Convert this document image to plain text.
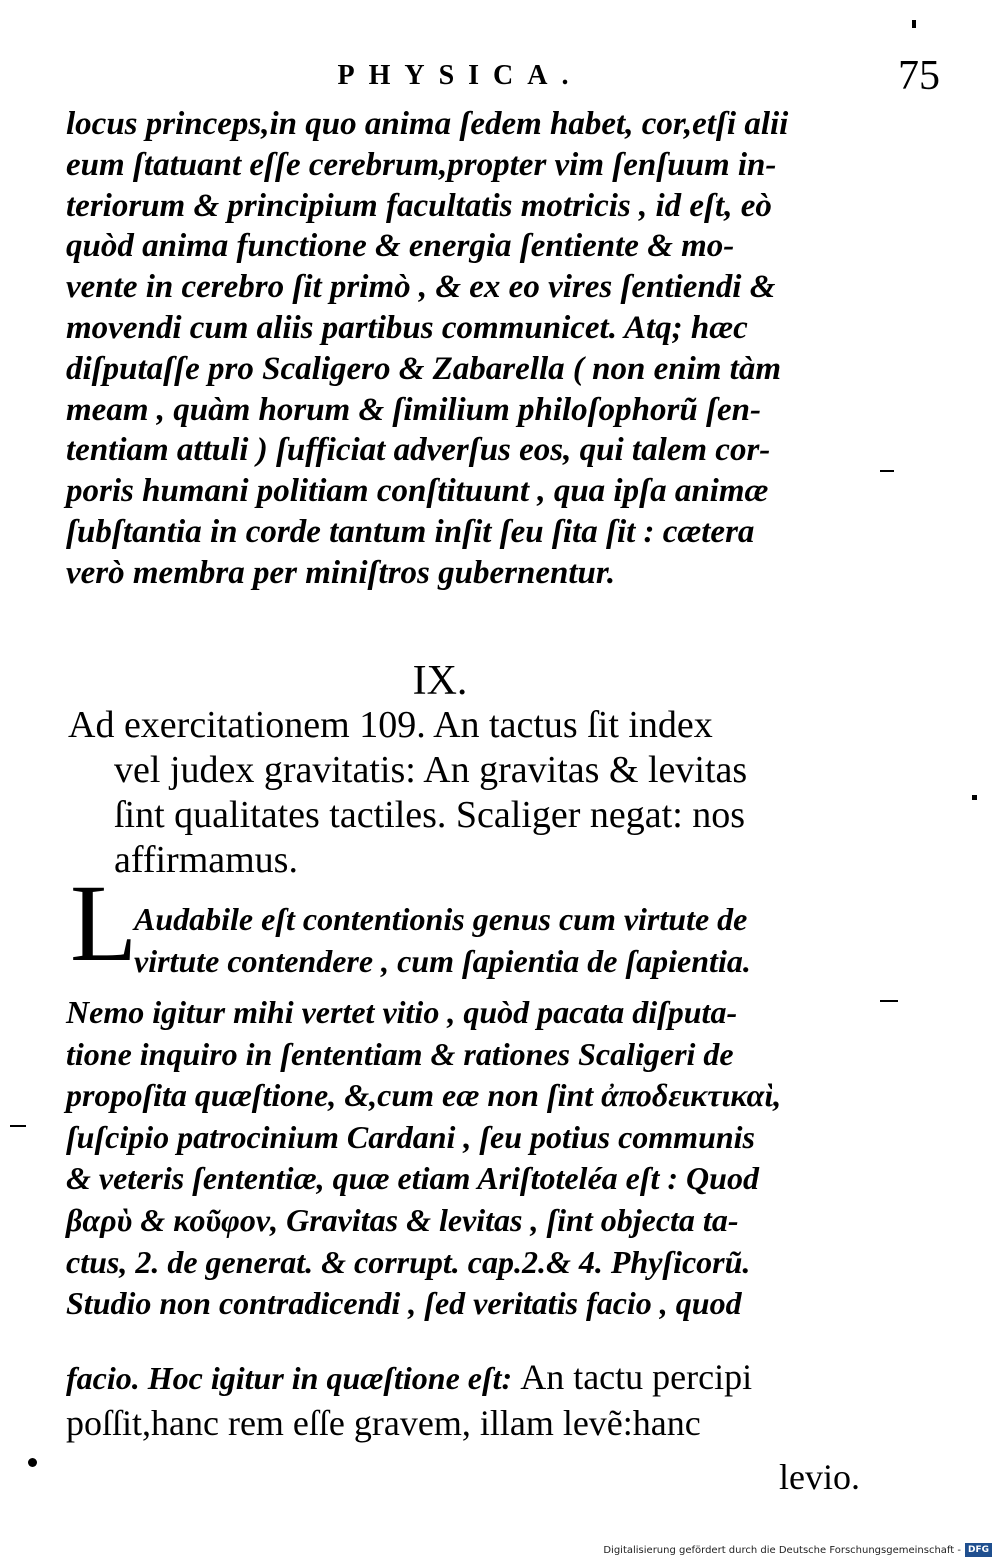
PHYSICA.	75
locus princeps,in quo anima ſedem habet, cor,etſi alii
eum ſtatuant eſſe cerebrum,propter vim ſenſuum in-
teriorum & principium facultatis motricis , id eſt, eò
quòd anima functione & energia ſentiente & mo-
vente in cerebro ſit primò , & ex eo vires ſentiendi &
movendi cum aliis partibus communicet. Atq; hæc
diſputaſſe pro Scaligero & Zabarella ( non enim tàm
meam , quàm horum & ſimilium philoſophorũ ſen-
tentiam attuli ) ſufficiat adverſus eos, qui talem cor-
poris humani politiam conſtituunt , qua ipſa animæ
ſubſtantia in corde tantum inſit ſeu ſita ſit : cætera
verò membra per miniſtros gubernentur.
IX.
Ad exercitationem 109. An tactus ſit index
vel judex gravitatis: An gravitas & levitas
ſint qualitates tactiles. Scaliger negat: nos
affirmamus.
L
Audabile eſt contentionis genus cum virtute de
virtute contendere , cum ſapientia de ſapientia.
Nemo igitur mihi vertet vitio , quòd pacata diſputa-
tione inquiro in ſententiam & rationes Scaligeri de
propoſita quæſtione, &,cum eæ non ſint ἀποδεικτικαὶ,
ſuſcipio patrocinium Cardani , ſeu potius communis
& veteris ſententiæ, quæ etiam Ariſtoteléa eſt : Quod
βαρὺ & κοῦφον, Gravitas & levitas , ſint objecta ta-
ctus, 2. de generat. & corrupt. cap.2.& 4. Phyſicorũ.
Studio non contradicendi , ſed veritatis facio , quod
facio. Hoc igitur in quæſtione eſt: An tactu percipi
poſſit,hanc rem eſſe gravem, illam levẽ:hanc
levio.
Digitalisierung gefördert durch die Deutsche Forschungsgemeinschaft - DFG
